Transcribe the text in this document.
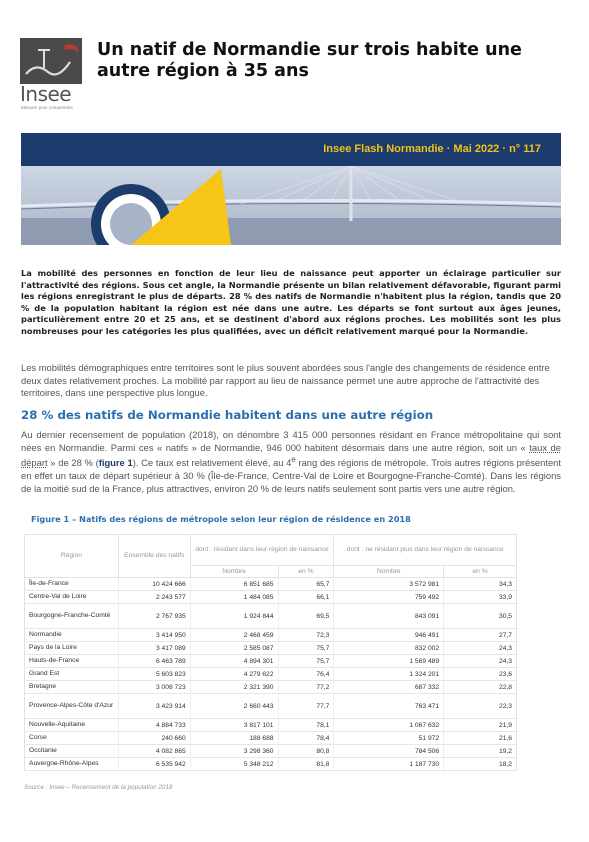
Insee
Mesurer pour comprendre
Un natif de Normandie sur trois habite une autre région à 35 ans
Insee Flash Normandie · Mai 2022 · n° 117

La mobilité des personnes en fonction de leur lieu de naissance peut apporter un éclairage particulier sur l'attractivité des régions. Sous cet angle, la Normandie présente un bilan relativement défavorable, figurant parmi les régions enregistrant le plus de départs. 28 % des natifs de Normandie n'habitent plus la région, tandis que 20 % de la population habitant la région est née dans une autre. Les départs se font surtout aux âges jeunes, particulièrement entre 20 et 25 ans, et se destinent d'abord aux régions proches. Les mobilités sont les plus nombreuses pour les catégories les plus qualifiées, avec un déficit relativement marqué pour la Normandie.

Les mobilités démographiques entre territoires sont le plus souvent abordées sous l'angle des changements de résidence entre deux dates relativement proches. La mobilité par rapport au lieu de naissance permet une autre approche de l'attractivité des territoires, dans une perspective plus longue.

28 % des natifs de Normandie habitent dans une autre région

Au dernier recensement de population (2018), on dénombre 3 415 000 personnes résidant en France métropolitaine qui sont nées en Normandie. Parmi ces « natifs » de Normandie, 946 000 habitent désormais dans une autre région, soit un « taux de départ » de 28 % (figure 1). Ce taux est relativement élevé, au 4e rang des régions de métropole. Trois autres régions présentent en effet un taux de départ supérieur à 30 % (Île-de-France, Centre-Val de Loire et Bourgogne-Franche-Comté). Dans les régions de la moitié sud de la France, plus attractives, environ 20 % de leurs natifs seulement sont partis vers une autre région.

Figure 1 – Natifs des régions de métropole selon leur région de résidence en 2018
Région	Ensemble des natifs	dont : résidant dans leur région de naissance		dont : ne résidant plus dans leur région de naissance	
		Nombre	en %	Nombre	en %
Île-de-France	10 424 666	6 851 685	65,7	3 572 981	34,3
Centre-Val de Loire	2 243 577	1 484 085	66,1	759 492	33,9
Bourgogne-Franche-Comté	2 767 935	1 924 844	69,5	843 091	30,5
Normandie	3 414 950	2 468 459	72,3	946 491	27,7
Pays de la Loire	3 417 089	2 585 087	75,7	832 002	24,3
Hauts-de-France	6 463 789	4 894 301	75,7	1 569 489	24,3
Grand Est	5 603 823	4 279 622	76,4	1 324 201	23,6
Bretagne	3 008 723	2 321 390	77,2	687 332	22,8
Provence-Alpes-Côte d'Azur	3 423 914	2 660 443	77,7	763 471	22,3
Nouvelle-Aquitaine	4 884 733	3 817 101	78,1	1 067 632	21,9
Corse	240 660	188 688	78,4	51 972	21,6
Occitanie	4 082 865	3 298 360	80,8	784 506	19,2
Auvergne-Rhône-Alpes	6 535 942	5 348 212	81,8	1 187 730	18,2
Source : Insee – Recensement de la population 2018
